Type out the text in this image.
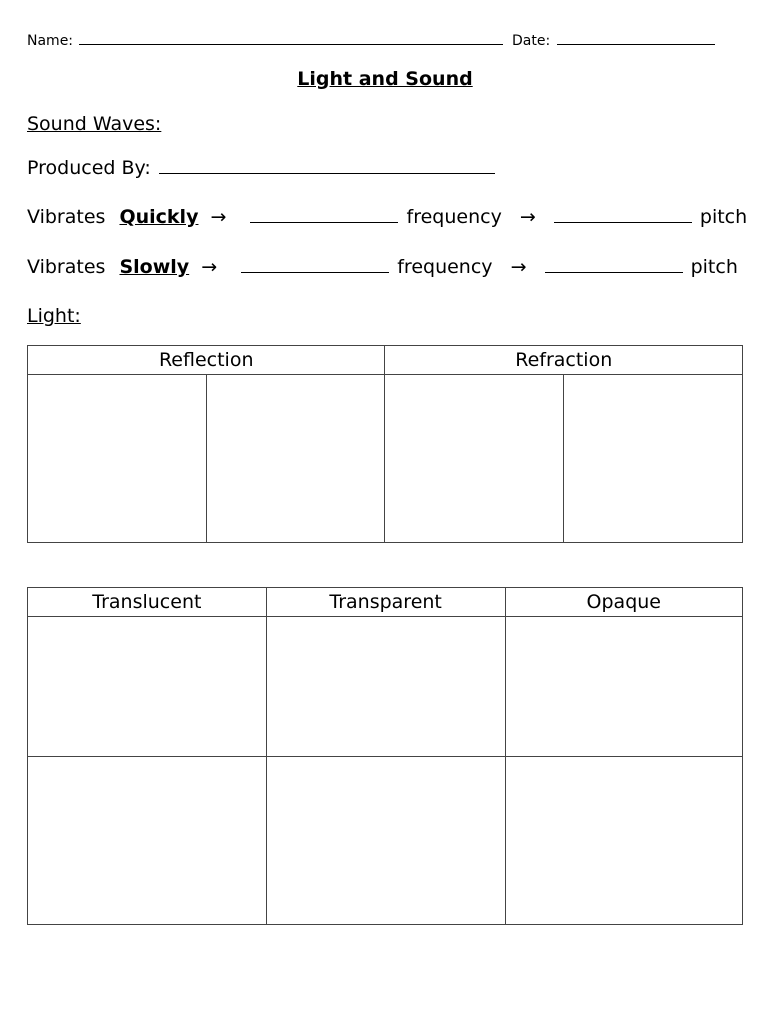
Name:	Date:
Light and Sound
Sound Waves:
Produced By:
Vibrates Quickly →	frequency →	pitch
Vibrates Slowly →	frequency →	pitch
Light:
Reflection		Refraction	

Translucent	Transparent	Opaque
